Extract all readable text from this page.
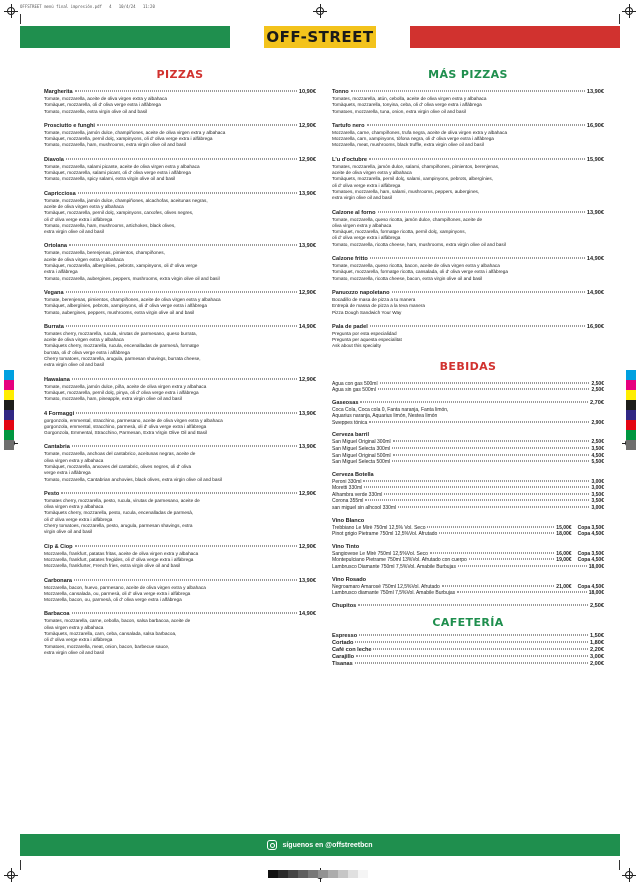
OFFSTREET menú final impresión.pdf   4   10/4/24   11:20
OFF-STREET
PIZZAS
Margherita	10,90€
Tomate, mozzarella, aceite de oliva virgen extra y albahaca
Tomàquet, mozzarella, oli d' oliva verge extra i alfàbrega
Tomato, mozzarella, extra virgin olive oil and basil
Prosciutto e funghi	12,90€
Tomate, mozzarella, jamón dulce, champiñones, aceite de oliva virgen extra y albahaca
Tomàquet, mozzarella, pernil dolç, xampinyons, oli d' oliva verge extra i alfàbrega
Tomato, mozzarella, ham, mushrooms, extra virgin olive oil and basil
Diavola	12,90€
Tomate, mozzarella, salami picante, aceite de oliva virgen extra y albahaca
Tomàquet, mozzarella, salami picant, oli d' oliva verge extra i alfàbrega
Tomato, mozzarella, spicy salami, extra virgin olive oil and basil
Capricciosa	13,90€
Tomate, mozzarella, jamón dulce, champiñones, alcachofas, aceitunas negras,
aceite de oliva virgen extra y albahaca
Tomàquet, mozzarella, pernil dolç, xampinyons, carxofes, olives negres,
oli d' oliva verge extra i alfàbrega
Tomato, mozzarella, ham, mushrooms, artichokes, black olives,
extra virgin olive oil and basil
Ortolana	13,90€
Tomate, mozzarella, berenjenas, pimientos, champiñones,
aceite de oliva virgen extra y albahaca
Tomàquet, mozzarella, albergínies, pebrots, xampinyons, oli d' oliva verge
extra i alfàbrega
Tomato, mozzarella, aubergines, peppers, mushrooms, extra virgin olive oil and basil
Vegana	12,90€
Tomate, berenjenas, pimientos, champiñones, aceite de oliva virgen extra y albahaca
Tomàquet, albergínies, pebrots, xampinyons, oli d' oliva verge extra i alfàbrega
Tomato, aubergines, peppers, mushrooms, extra virgin olive oil and basil
Burrata	14,90€
Tomates cherry, mozzarella, rucula, virutas de parmesano, queso burrata,
aceite de oliva virgen extra y albahaca
Tomàquets cherry, mozzarella, rucula, encenalladas de parmesà, formatge
burrata, oli d' oliva verge extra i alfàbrega
Cherry tomatoes, mozzarella, arugula, parmesan shavings, burrata cheese,
extra virgin olive oil and basil
Hawaiana	12,90€
Tomate, mozzarella, jamón dulce, piña, aceite de oliva virgen extra y albahaca
Tomàquet, mozzarella, pernil dolç, pinya, oli d' oliva verge extra i alfàbrega
Tomato, mozzarella, ham, pineapple, extra virgin olive oil and basil
4 Formaggi	13,90€
gorgonzola, emmental, stracchino, parmesano, aceite de oliva virgen extra y albahaca
gorgonzola, emmental, stracchino, parmesà, oli d' oliva verge extra i alfàbrega
Gorgonzola, Emmental, Stracchino, Parmesan, Extra Virgin Olive Oil and Basil
Cantabria	13,90€
Tomate, mozzarella, anchoas del cantabrico, aceitunas negras, aceite de
oliva virgen extra y albahaca
Tomàquet, mozzarella, anxoves del cantabric, olives negres, oli d' oliva
verge extra i alfàbrega
Tomato, mozzarella, Cantabrian anchovies, black olives, extra virgin olive oil and basil
Pesto	12,90€
Tomates cherry, mozzarella, pesto, rucula, virutas de parmesano, aceite de
oliva virgen extra y albahaca
Tomàquets cherry, mozzarella, pesto, rucula, encenalladas de parmesà,
oli d' oliva verge extra i alfàbrega
Cherry tomatoes, mozzarella, pesto, arugula, parmesan shavings, extra
virgin olive oil and basil
Cip & Ciop	12,90€
Mozzarella, frankfurt, patatas fritas, aceite de oliva virgen extra y albahaca
Mozzarella, frankfurt, patates fregides, oli d' oliva verge extra i alfàbrega
Mozzarella, frankfurter, French fries, extra virgin olive oil and basil
Carbonara	13,90€
Mozzarella, bacon, huevo, parmesano, aceite de oliva virgen extra y albahaca
Mozzarella, cansalada, ou, parmesà, oli d' oliva verge extra i alfàbrega
Mozzarella, bacon, ou, parmesà, oli d' oliva verge extra i alfàbrega
Barbacoa	14,90€
Tomates, mozzarella, carne, cebolla, bacon, salsa barbacoa, aceite de
oliva virgen extra y albahaca
Tomàquets, mozzarella, carn, ceba, cansalada, salsa barbacoa,
oli d' oliva verge extra i alfàbrega
Tomatoes, mozzarella, meat, onion, bacon, barbecue sauce,
extra virgin olive oil and basil
MÁS PIZZAS
Tonno	13,90€
Tomates, mozzarella, atún, cebolla, aceite de oliva virgen extra y albahaca
Tomàquets, mozzarella, tonyina, ceba, oli d' oliva verge extra i alfàbrega
Tomatoes, mozzarella, tuna, onion, extra virgin olive oil and basil
Tartufo nero	16,90€
Mozzarella, carne, champiñones, trufa negra, aceite de oliva virgen extra y albahaca
Mozzarella, carn, xampinyons, tòfona negra, oli d' oliva verge extra i alfàbrega
Mozzarella, meat, mushrooms, black truffle, extra virgin olive oil and basil
L'u d'octubre	15,90€
Tomates, mozzarella, jamón dulce, salami, champiñones, pimientos, berenjenas,
aceite de oliva virgen extra y albahaca
Tomàquets, mozzarella, pernil dolç, salami, xampinyons, pebrots, albergínies,
oli d' oliva verge extra i alfàbrega
Tomatoes, mozzarella, ham, salami, mushrooms, peppers, aubergines,
extra virgin olive oil and basil
Calzone al forno	13,90€
Tomate, mozzarella, queso ricotta, jamón dulce, champiñones, aceite de
oliva virgen extra y albahaca
Tomàquet, mozzarella, formatge ricotta, pernil dolç, xampinyons,
oli d' oliva verge extra i alfàbrega
Tomato, mozzarella, ricotta cheese, ham, mushrooms, extra virgin olive oil and basil
Calzone fritto	14,90€
Tomate, mozzarella, queso ricotta, bacon, aceite de oliva virgen extra y albahaca
Tomàquet, mozzarella, formatge ricotta, cansalada, oli d' oliva verge extra i alfàbrega
Tomato, mozzarella, ricotta cheese, bacon, extra virgin olive oil and basil
Panuozzo napoletano	14,90€
Bocadillo de masa de pizza a tu manera
Entrepà de massa de pizza a la teva manera
Pizza Dough Sandwich Your Way
Pala de padel	16,90€
Pregunta por esta especialidad
Pregunta per aquesta especialitat
Ask about this specialty
BEBIDAS
Agua con gas 500ml	2,50€
Agua sin gas 500ml	2,50€
Gaseosas	2,70€
Coca Cola, Coca cola 0, Fanta naranja, Fanta limón,
Aquarius naranja, Aquarius limón, Nestea limón
Sweppes tónica	2,90€
Cerveza barril
San Miguel Original 300ml	2,50€
San Miguel Selecta 300ml	3,50€
San Miguel Original 500ml	4,50€
San Miguel Selecta 500ml	5,50€
Cerveza Botella
Peroni 330ml	3,00€
Moretti 330ml	3,00€
Alhambra verde 330ml	3,50€
Corona 355ml	3,50€
san miguel sin alhcool 330ml	3,00€
Vino Blanco
Trebbiano Le Mirè 750ml 12,5% Vol. Seco	15,00€ Copa 3,50€
Pinot grigio Pietrame 750ml 12,5%Vol. Afrutado	18,00€ Copa 4,50€
Vino Tinto
Sangiovese Le Mirè 750ml 12,5%Vol. Seco	16,00€ Copa 3,50€
Montepulciano Pietrame 750ml 13%Vol. Afrutado con cuerpo	19,00€ Copa 4,50€
Lambrusco Diamante 750ml 7,5%Vol. Amabile Burbujas	18,00€
Vino Rosado
Negroamaro Amarosé 750ml 12,5%Vol. Afrutado	21,00€ Copa 4,50€
Lambrusco diamante 750ml 7,5%Vol. Amabile Burbujas	18,00€
Chupitos	2,50€
CAFETERÍA
Espresso	1,50€
Cortado	1,80€
Café con leche	2,20€
Carajillo	3,00€
Tisanas	2,00€
síguenos en @offstreetbcn
